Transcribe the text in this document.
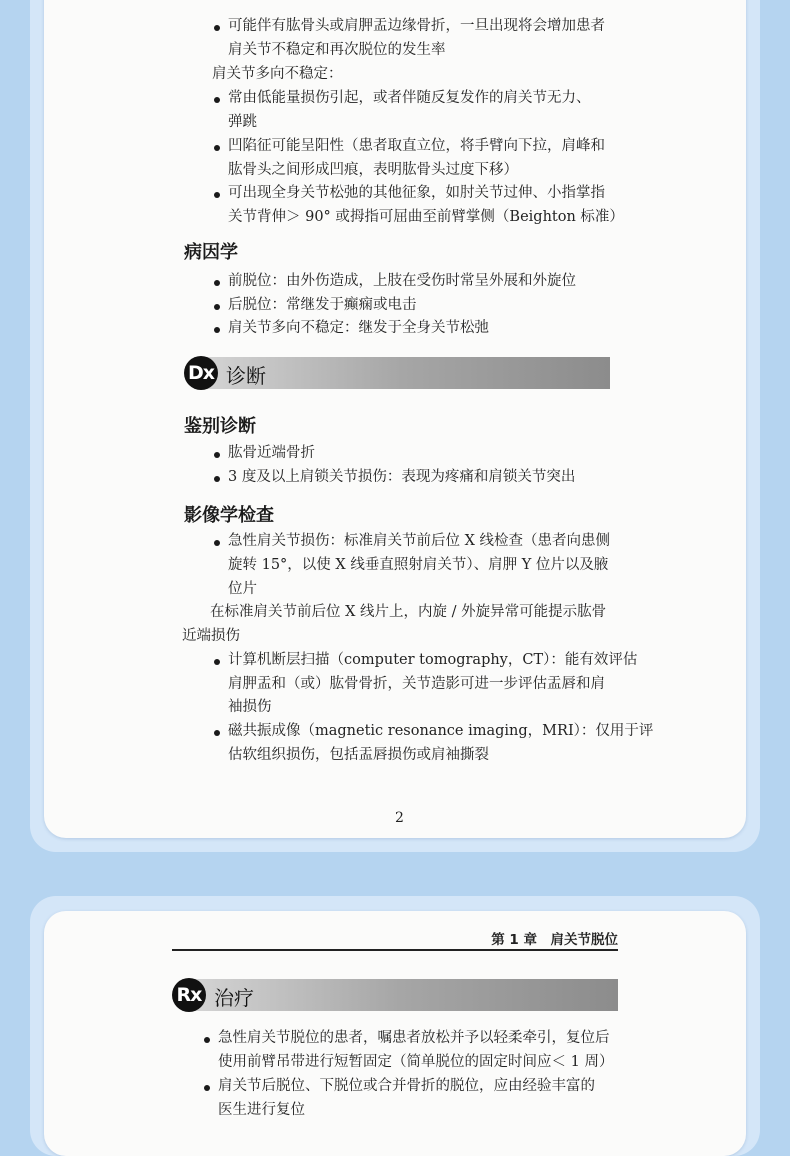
可能伴有肱骨头或肩胛盂边缘骨折，一旦出现将会增加患者
肩关节不稳定和再次脱位的发生率
肩关节多向不稳定：
常由低能量损伤引起，或者伴随反复发作的肩关节无力、
弹跳
凹陷征可能呈阳性（患者取直立位，将手臂向下拉，肩峰和
肱骨头之间形成凹痕，表明肱骨头过度下移）
可出现全身关节松弛的其他征象，如肘关节过伸、小指掌指
关节背伸＞ 90° 或拇指可屈曲至前臂掌侧（Beighton 标准）
病因学
前脱位：由外伤造成，上肢在受伤时常呈外展和外旋位
后脱位：常继发于癫痫或电击
肩关节多向不稳定：继发于全身关节松弛
Dx 诊断
鉴别诊断
肱骨近端骨折
3 度及以上肩锁关节损伤：表现为疼痛和肩锁关节突出
影像学检查
急性肩关节损伤：标准肩关节前后位 X 线检查（患者向患侧
旋转 15°，以使 X 线垂直照射肩关节）、肩胛 Y 位片以及腋
位片
在标准肩关节前后位 X 线片上，内旋 / 外旋异常可能提示肱骨
近端损伤
计算机断层扫描（computer tomography，CT）：能有效评估
肩胛盂和（或）肱骨骨折，关节造影可进一步评估盂唇和肩
袖损伤
磁共振成像（magnetic resonance imaging，MRI）：仅用于评
估软组织损伤，包括盂唇损伤或肩袖撕裂
2
第 1 章　肩关节脱位
Rx 治疗
急性肩关节脱位的患者，嘱患者放松并予以轻柔牵引，复位后
使用前臂吊带进行短暂固定（简单脱位的固定时间应＜ 1 周）
肩关节后脱位、下脱位或合并骨折的脱位，应由经验丰富的
医生进行复位
